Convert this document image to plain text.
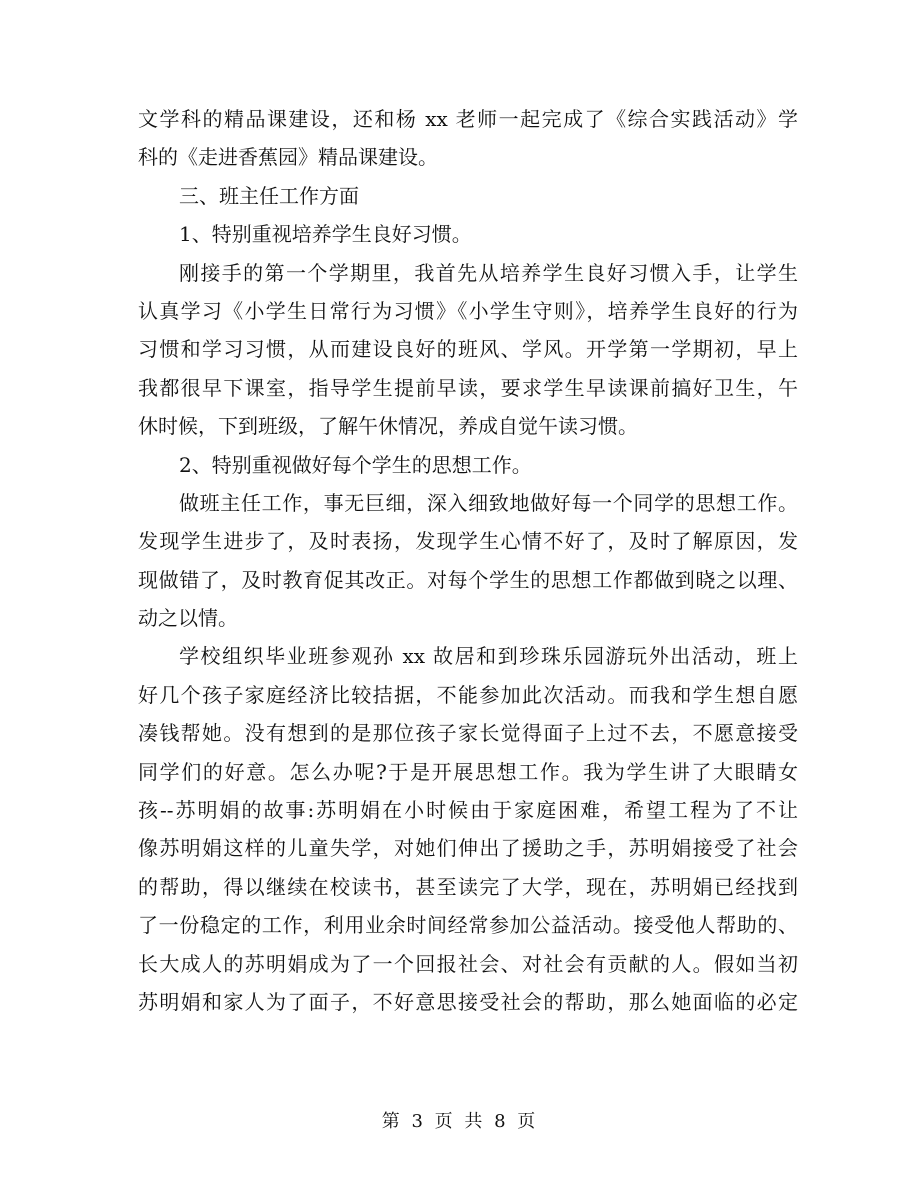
文学科的精品课建设，还和杨 xx 老师一起完成了《综合实践活动》学
科的《走进香蕉园》精品课建设。
三、班主任工作方面
1、特别重视培养学生良好习惯。
刚接手的第一个学期里，我首先从培养学生良好习惯入手，让学生
认真学习《小学生日常行为习惯》《小学生守则》，培养学生良好的行为
习惯和学习习惯，从而建设良好的班风、学风。开学第一学期初，早上
我都很早下课室，指导学生提前早读，要求学生早读课前搞好卫生，午
休时候，下到班级，了解午休情况，养成自觉午读习惯。
2、特别重视做好每个学生的思想工作。
做班主任工作，事无巨细，深入细致地做好每一个同学的思想工作。
发现学生进步了，及时表扬，发现学生心情不好了，及时了解原因，发
现做错了，及时教育促其改正。对每个学生的思想工作都做到晓之以理、
动之以情。
学校组织毕业班参观孙 xx 故居和到珍珠乐园游玩外出活动，班上
好几个孩子家庭经济比较拮据，不能参加此次活动。而我和学生想自愿
凑钱帮她。没有想到的是那位孩子家长觉得面子上过不去，不愿意接受
同学们的好意。怎么办呢?于是开展思想工作。我为学生讲了大眼睛女
孩--苏明娟的故事:苏明娟在小时候由于家庭困难，希望工程为了不让
像苏明娟这样的儿童失学，对她们伸出了援助之手，苏明娟接受了社会
的帮助，得以继续在校读书，甚至读完了大学，现在，苏明娟已经找到
了一份稳定的工作，利用业余时间经常参加公益活动。接受他人帮助的、
长大成人的苏明娟成为了一个回报社会、对社会有贡献的人。假如当初
苏明娟和家人为了面子，不好意思接受社会的帮助，那么她面临的必定
第 3 页 共 8 页
